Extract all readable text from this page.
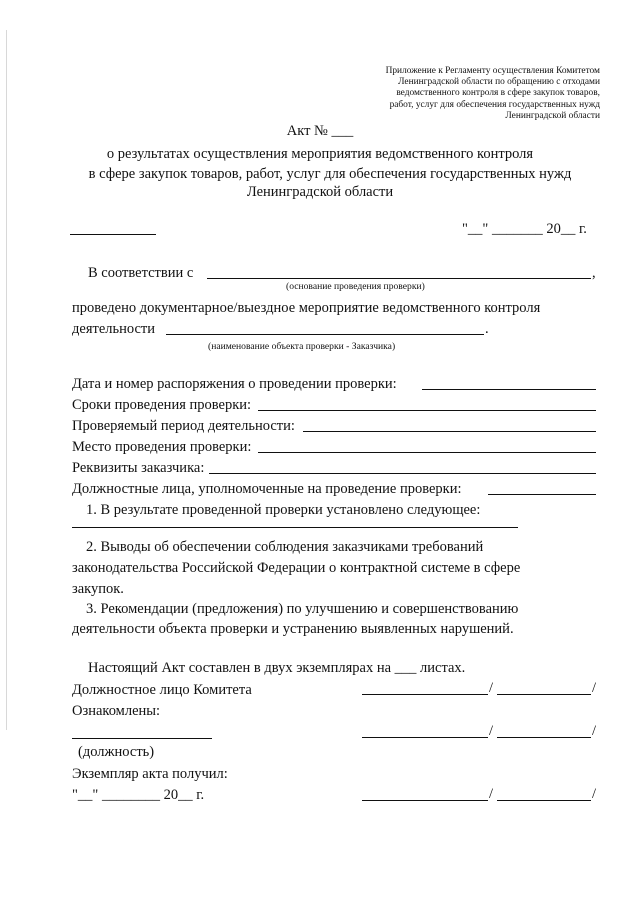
Приложение к Регламенту осуществления Комитетом
Ленинградской области по обращению с отходами
ведомственного контроля в сфере закупок товаров,
работ, услуг для обеспечения государственных нужд
Ленинградской области
Акт № ___
о результатах осуществления мероприятия ведомственного контроля
в сфере закупок товаров, работ, услуг для обеспечения государственных нужд
Ленинградской области
"__" _______ 20__ г.
В соответствии с	,
(основание проведения проверки)
проведено документарное/выездное мероприятие ведомственного контроля
деятельности	.
(наименование объекта проверки - Заказчика)
Дата и номер распоряжения о проведении проверки:
Сроки проведения проверки:
Проверяемый период деятельности:
Место проведения проверки:
Реквизиты заказчика:
Должностные лица, уполномоченные на проведение проверки:
1. В результате проведенной проверки установлено следующее:
2. Выводы об обеспечении соблюдения заказчиками требований
законодательства Российской Федерации о контрактной системе в сфере
закупок.
3. Рекомендации (предложения) по улучшению и совершенствованию
деятельности объекта проверки и устранению выявленных нарушений.
Настоящий Акт составлен в двух экземплярах на ___ листах.
Должностное лицо Комитета	/	/
Ознакомлены:
/	/
(должность)
Экземпляр акта получил:
"__" ________ 20__ г.	/	/
